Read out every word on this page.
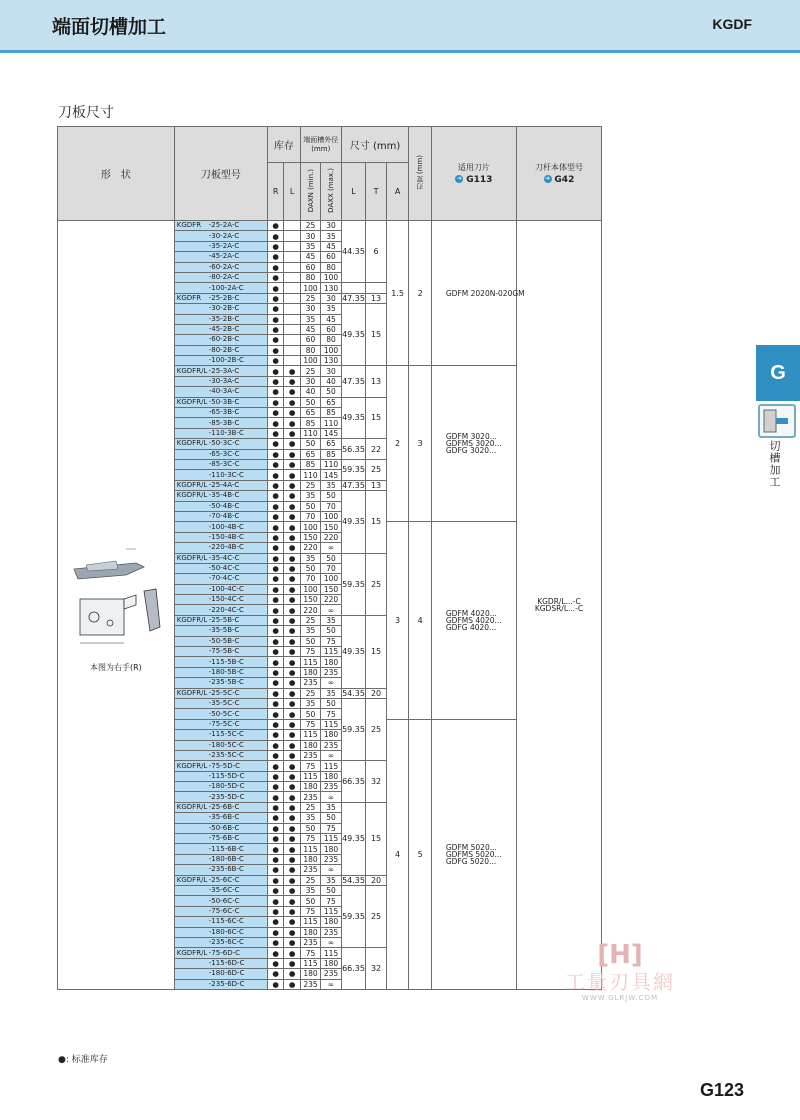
端面切槽加工	KGDF
刀板尺寸
形　状	刀板型号	库存		端面槽外径
(mm)		尺寸 (mm)			刃宽 (mm)	适用刀片
➔ G113	刀杆本体型号
➔ G42
		R	L	DAXN (min.)	DAXX (max.)	L	T	A			

本图为右手(R)	KGDFR -25-2A-C	●		25	30	44.35	6	1.5	2	GDFM 2020N-020GM	KGDR/L...-C
KGDSR/L...-C

	-30-2A-C	●		30	35						
	-35-2A-C	●		35	45						
	-45-2A-C	●		45	60						
	-60-2A-C	●		60	80						
	-80-2A-C	●		80	100						
	-100-2A-C	●		100	130						
	KGDFR -25-2B-C	●		25	30	47.35	13				
	-30-2B-C	●		30	35	49.35	15				
	-35-2B-C	●		35	45						
	-45-2B-C	●		45	60						
	-60-2B-C	●		60	80						
	-80-2B-C	●		80	100						
	-100-2B-C	●		100	130						
	KGDFR/L-25-3A-C	●	●	25	30	47.35	13	2	3	GDFM 3020...
GDFMS 3020...
GDFG 3020...	

	-30-3A-C	●	●	30	40						
	-40-3A-C	●	●	40	50						
	KGDFR/L-50-3B-C	●	●	50	65	49.35	15				
	-65-3B-C	●	●	65	85						
	-85-3B-C	●	●	85	110						
	-110-3B-C	●	●	110	145						
	KGDFR/L-50-3C-C	●	●	50	65	56.35	22				
	-65-3C-C	●	●	65	85						
	-85-3C-C	●	●	85	110	59.35	25				
	-110-3C-C	●	●	110	145						
	KGDFR/L-25-4A-C	●	●	25	35	47.35	13				
	KGDFR/L-35-4B-C	●	●	35	50	49.35	15				
	-50-4B-C	●	●	50	70						
	-70-4B-C	●	●	70	100						
	-100-4B-C	●	●	100	150			3	4	GDFM 4020...
GDFMS 4020...
GDFG 4020...	

	-150-4B-C	●	●	150	220						
	-220-4B-C	●	●	220	∞						
	KGDFR/L-35-4C-C	●	●	35	50	59.35	25				
	-50-4C-C	●	●	50	70						
	-70-4C-C	●	●	70	100						
	-100-4C-C	●	●	100	150						
	-150-4C-C	●	●	150	220						
	-220-4C-C	●	●	220	∞						
	KGDFR/L-25-5B-C	●	●	25	35	49.35	15				
	-35-5B-C	●	●	35	50						
	-50-5B-C	●	●	50	75						
	-75-5B-C	●	●	75	115						
	-115-5B-C	●	●	115	180						
	-180-5B-C	●	●	180	235						
	-235-5B-C	●	●	235	∞						
	KGDFR/L-25-5C-C	●	●	25	35	54.35	20				
	-35-5C-C	●	●	35	50	59.35	25				
	-50-5C-C	●	●	50	75						
	-75-5C-C	●	●	75	115			4	5	GDFM 5020...
GDFMS 5020...
GDFG 5020...	

	-115-5C-C	●	●	115	180						
	-180-5C-C	●	●	180	235						
	-235-5C-C	●	●	235	∞						
	KGDFR/L-75-5D-C	●	●	75	115	66.35	32				
	-115-5D-C	●	●	115	180						
	-180-5D-C	●	●	180	235						
	-235-5D-C	●	●	235	∞						
	KGDFR/L-25-6B-C	●	●	25	35	49.35	15				
	-35-6B-C	●	●	35	50						
	-50-6B-C	●	●	50	75						
	-75-6B-C	●	●	75	115						
	-115-6B-C	●	●	115	180						
	-180-6B-C	●	●	180	235						
	-235-6B-C	●	●	235	∞						
	KGDFR/L-25-6C-C	●	●	25	35	54.35	20				
	-35-6C-C	●	●	35	50	59.35	25				
	-50-6C-C	●	●	50	75						
	-75-6C-C	●	●	75	115						
	-115-6C-C	●	●	115	180						
	-180-6C-C	●	●	180	235						
	-235-6C-C	●	●	235	∞						
	KGDFR/L-75-6D-C	●	●	75	115	66.35	32				
	-115-6D-C	●	●	115	180						
	-180-6D-C	●	●	180	235						
	-235-6D-C	●	●	235	∞						
G
切槽加工
[H]
工量刃具網
WWW.GLRJW.COM
●: 标准库存
G123
